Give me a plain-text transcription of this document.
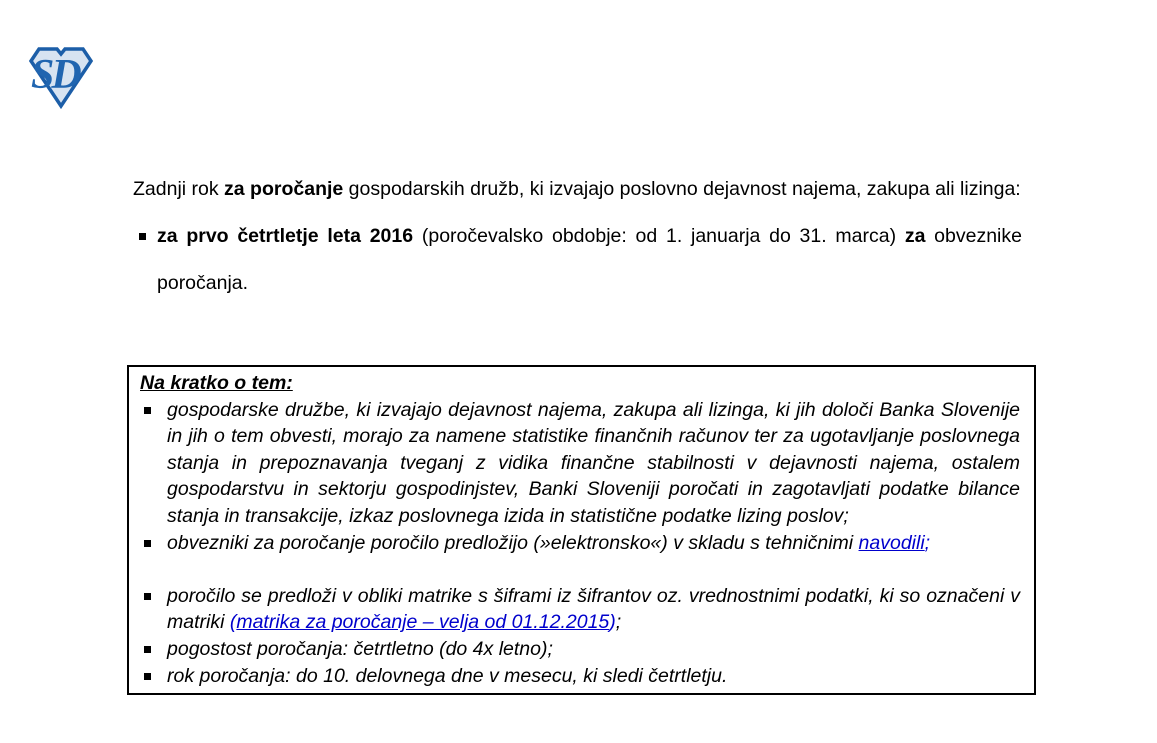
SD
Zadnji rok za poročanje gospodarskih družb, ki izvajajo poslovno dejavnost najema, zakupa ali lizinga:
za prvo četrtletje leta 2016 (poročevalsko obdobje: od 1. januarja do 31. marca) za obveznike poročanja.
Na kratko o tem:
gospodarske družbe, ki izvajajo dejavnost najema, zakupa ali lizinga, ki jih določi Banka Slovenije in jih o tem obvesti, morajo za namene statistike finančnih računov ter za ugotavljanje poslovnega stanja in prepoznavanja tveganj z vidika finančne stabilnosti v dejavnosti najema, ostalem gospodarstvu in sektorju gospodinjstev, Banki Sloveniji poročati in zagotavljati podatke bilance stanja in transakcije, izkaz poslovnega izida in statistične podatke lizing poslov;
obvezniki za poročanje poročilo predložijo (»elektronsko«) v skladu s tehničnimi navodili;
poročilo se predloži v obliki matrike s šiframi iz šifrantov oz. vrednostnimi podatki, ki so označeni v matriki (matrika za poročanje – velja od 01.12.2015);
pogostost poročanja: četrtletno (do 4x letno);
rok poročanja: do 10. delovnega dne v mesecu, ki sledi četrtletju.
